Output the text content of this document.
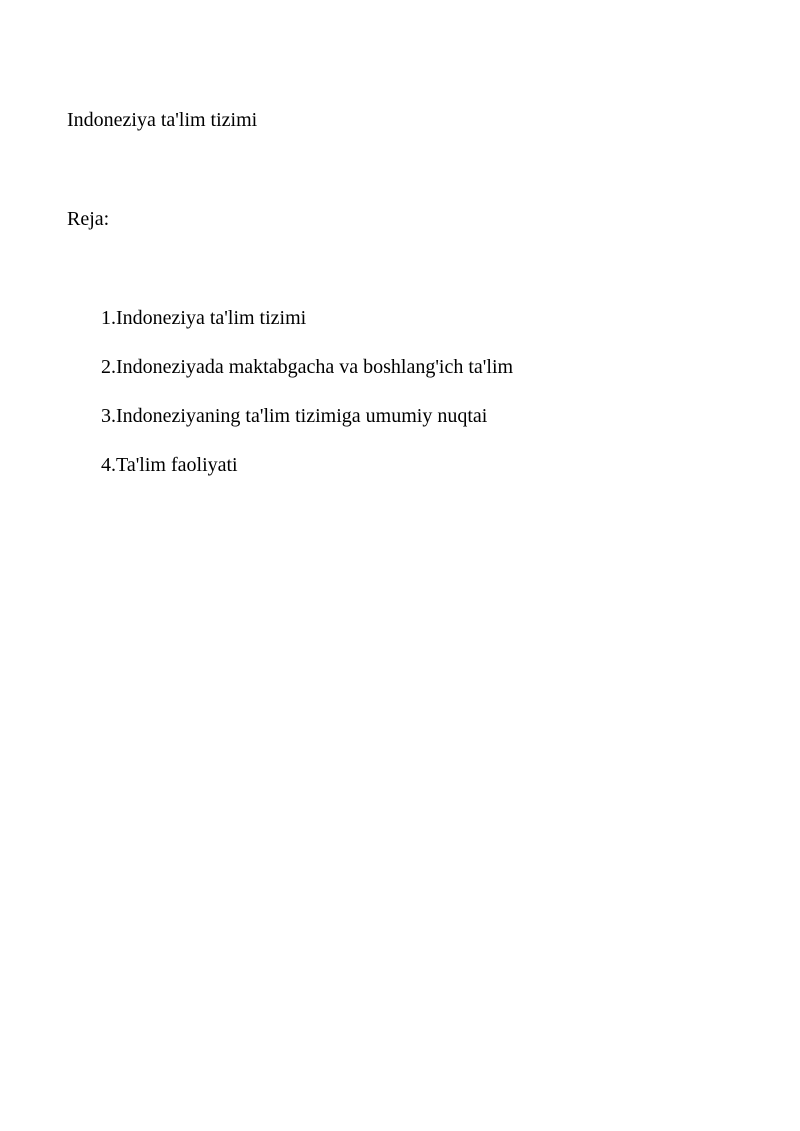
Indoneziya ta'lim tizimi
Reja:
1. Indoneziya ta'lim tizimi
2. Indoneziyada maktabgacha va boshlang'ich ta'lim
3. Indoneziyaning ta'lim tizimiga umumiy nuqtai
4. Ta'lim faoliyati
